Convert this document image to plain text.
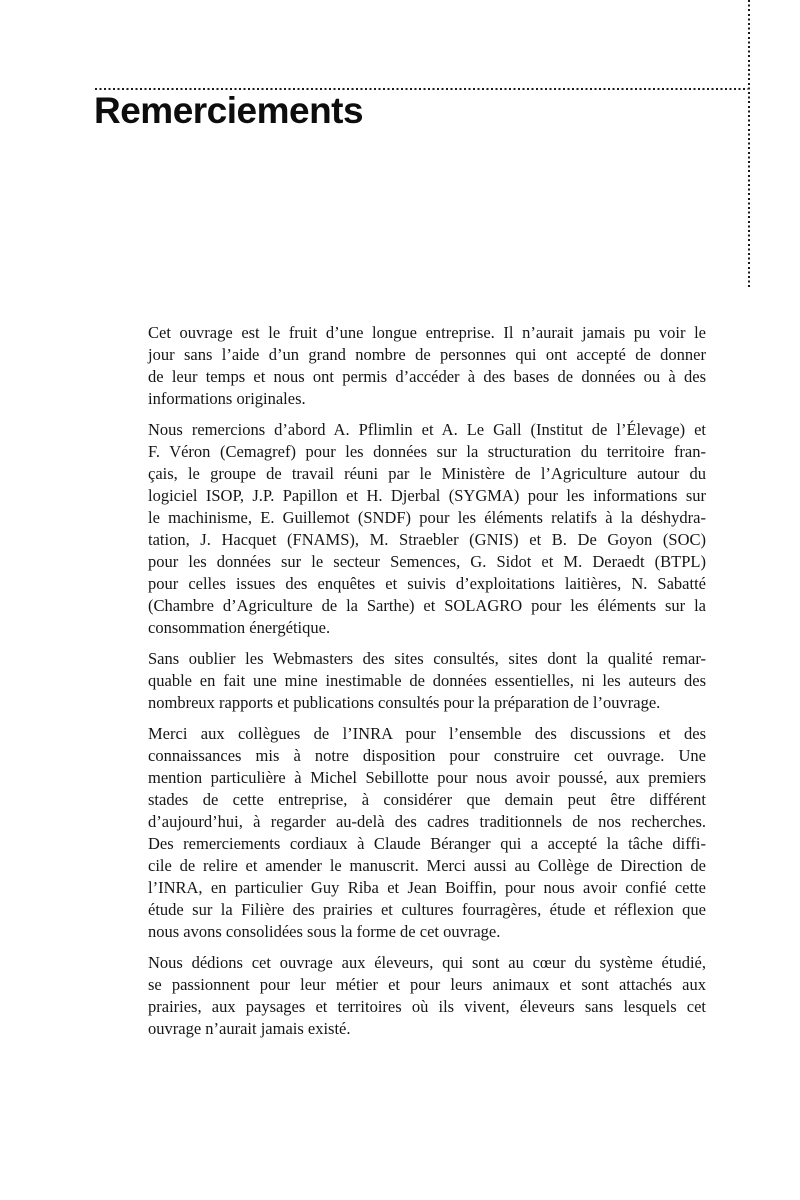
Remerciements
Cet ouvrage est le fruit d’une longue entreprise. Il n’aurait jamais pu voir le
jour sans l’aide d’un grand nombre de personnes qui ont accepté de donner
de leur temps et nous ont permis d’accéder à des bases de données ou à des
informations originales.
Nous remercions d’abord A. Pflimlin et A. Le Gall (Institut de l’Élevage) et
F. Véron (Cemagref) pour les données sur la structuration du territoire fran-
çais, le groupe de travail réuni par le Ministère de l’Agriculture autour du
logiciel ISOP, J.P. Papillon et H. Djerbal (SYGMA) pour les informations sur
le machinisme, E. Guillemot (SNDF) pour les éléments relatifs à la déshydra-
tation, J. Hacquet (FNAMS), M. Straebler (GNIS) et B. De Goyon (SOC)
pour les données sur le secteur Semences, G. Sidot et M. Deraedt (BTPL)
pour celles issues des enquêtes et suivis d’exploitations laitières, N. Sabatté
(Chambre d’Agriculture de la Sarthe) et SOLAGRO pour les éléments sur la
consommation énergétique.
Sans oublier les Webmasters des sites consultés, sites dont la qualité remar-
quable en fait une mine inestimable de données essentielles, ni les auteurs des
nombreux rapports et publications consultés pour la préparation de l’ouvrage.
Merci aux collègues de l’INRA pour l’ensemble des discussions et des
connaissances mis à notre disposition pour construire cet ouvrage. Une
mention particulière à Michel Sebillotte pour nous avoir poussé, aux premiers
stades de cette entreprise, à considérer que demain peut être différent
d’aujourd’hui, à regarder au-delà des cadres traditionnels de nos recherches.
Des remerciements cordiaux à Claude Béranger qui a accepté la tâche diffi-
cile de relire et amender le manuscrit. Merci aussi au Collège de Direction de
l’INRA, en particulier Guy Riba et Jean Boiffin, pour nous avoir confié cette
étude sur la Filière des prairies et cultures fourragères, étude et réflexion que
nous avons consolidées sous la forme de cet ouvrage.
Nous dédions cet ouvrage aux éleveurs, qui sont au cœur du système étudié,
se passionnent pour leur métier et pour leurs animaux et sont attachés aux
prairies, aux paysages et territoires où ils vivent, éleveurs sans lesquels cet
ouvrage n’aurait jamais existé.
